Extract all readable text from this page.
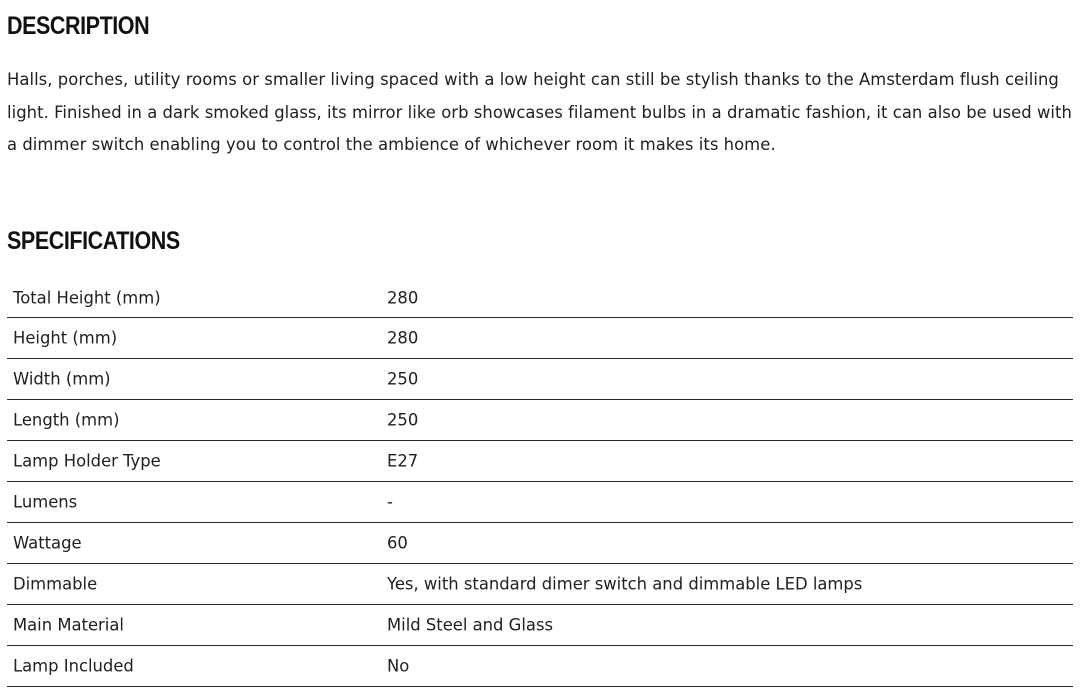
DESCRIPTION

Halls, porches, utility rooms or smaller living spaced with a low height can still be stylish thanks to the Amsterdam flush ceiling light. Finished in a dark smoked glass, its mirror like orb showcases filament bulbs in a dramatic fashion, it can also be used with a dimmer switch enabling you to control the ambience of whichever room it makes its home.

SPECIFICATIONS
Total Height (mm)	280
Height (mm)	280
Width (mm)	250
Length (mm)	250
Lamp Holder Type	E27
Lumens	-
Wattage	60
Dimmable	Yes, with standard dimer switch and dimmable LED lamps
Main Material	Mild Steel and Glass
Lamp Included	No
